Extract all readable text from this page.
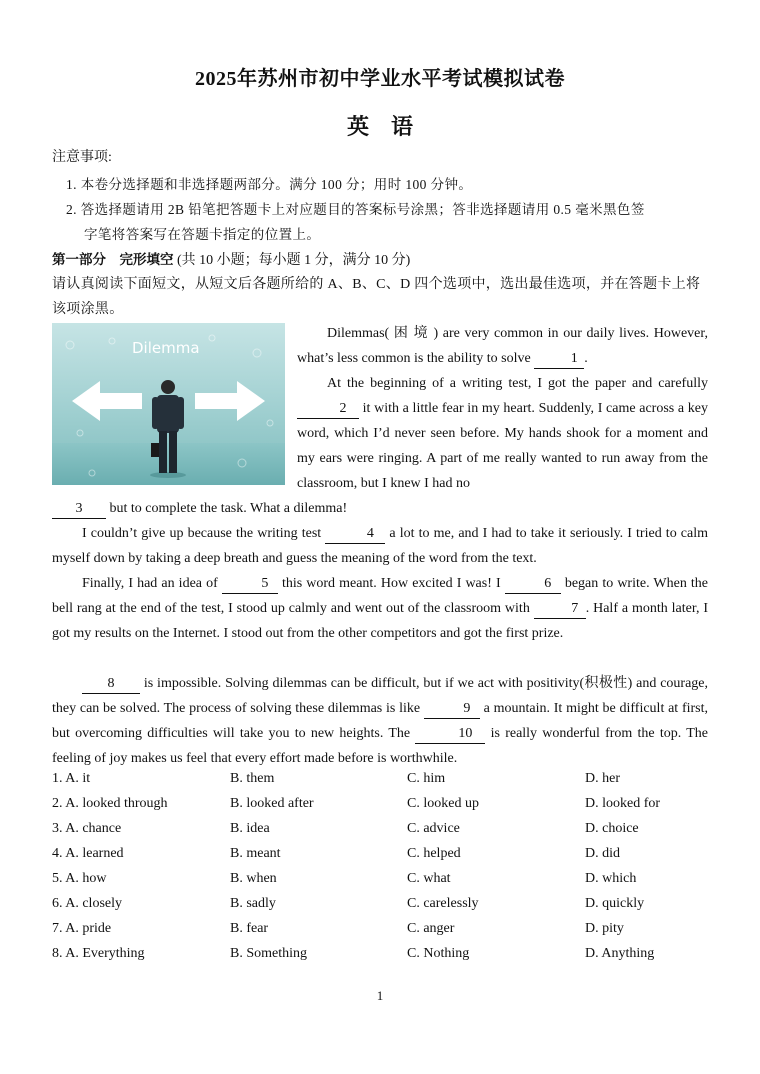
2025年苏州市初中学业水平考试模拟试卷
英语
注意事项:
1. 本卷分选择题和非选择题两部分。满分 100 分；用时 100 分钟。
2. 答选择题请用 2B 铅笔把答题卡上对应题目的答案标号涂黑；答非选择题请用 0.5 毫米黑色签
字笔将答案写在答题卡指定的位置上。
第一部分　完形填空 (共 10 小题；每小题 1 分，满分 10 分)
请认真阅读下面短文，从短文后各题所给的 A、B、C、D 四个选项中，选出最佳选项，并在答题卡上将该项涂黑。
Dilemma
Dilemmas( 困 境 ) are very common in our daily lives. However, what’s less common is the ability to solve	1 .
At the beginning of a writing test, I got the paper and carefully 2 it with a little fear in my heart. Suddenly, I came across a key word, which I’d never seen before. My hands shook for a moment and my ears were ringing. A part of me really wanted to run away from the classroom, but I knew I had no
3 but to complete the task. What a dilemma!
I couldn’t give up because the writing test	4 a lot to me, and I had to take it seriously. I tried to calm myself down by taking a deep breath and guess the meaning of the word from the text.
Finally, I had an idea of	5 this word meant. How excited I was! I	6 began to write. When the bell rang at the end of the test, I stood up calmly and went out of the classroom with	7 . Half a month later, I got my results on the Internet. I stood out from the other competitors and got the first prize.
8 is impossible. Solving dilemmas can be difficult, but if we act with positivity(积极性) and courage, they can be solved. The process of solving these dilemmas is like	9 a mountain. It might be difficult at first, but overcoming difficulties will take you to new heights. The	10 is really wonderful from the top. The feeling of joy makes us feel that every effort made before is worthwhile.
1. A. it	B. them	C. him	D. her
2. A. looked through	B. looked after	C. looked up	D. looked for
3. A. chance	B. idea	C. advice	D. choice
4. A. learned	B. meant	C. helped	D. did
5. A. how	B. when	C. what	D. which
6. A. closely	B. sadly	C. carelessly	D. quickly
7. A. pride	B. fear	C. anger	D. pity
8. A. Everything	B. Something	C. Nothing	D. Anything
1
